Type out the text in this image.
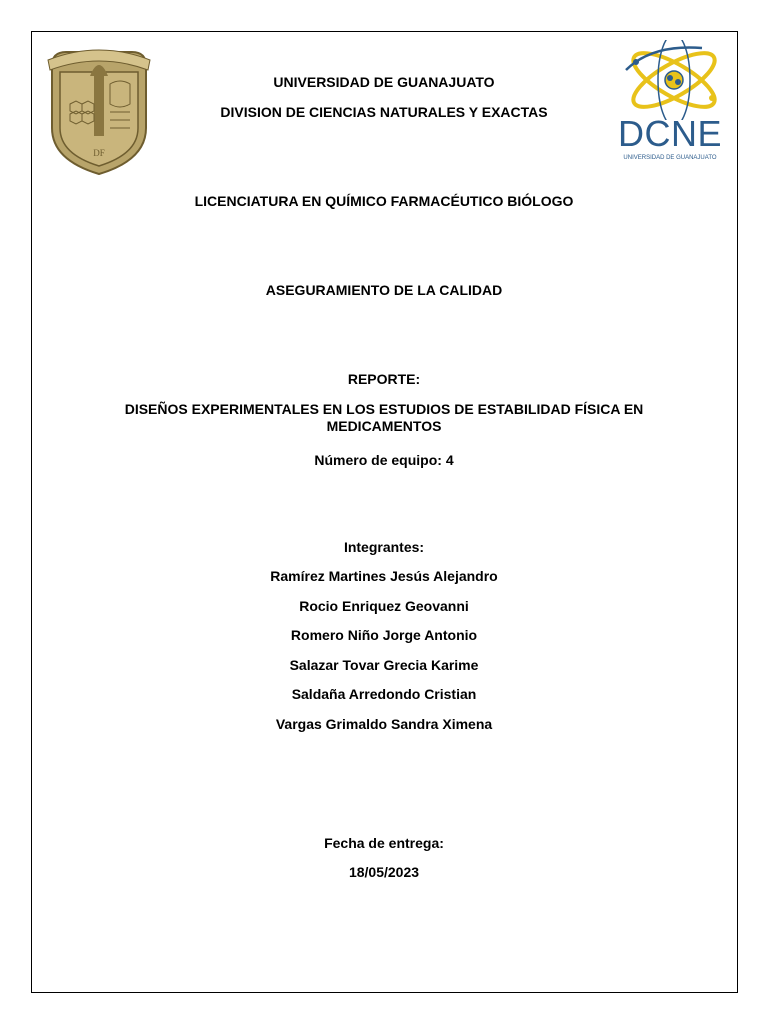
DF	DCNE
UNIVERSIDAD DE GUANAJUATO
UNIVERSIDAD DE GUANAJUATO
DIVISION DE CIENCIAS NATURALES Y EXACTAS
LICENCIATURA EN QUÍMICO FARMACÉUTICO BIÓLOGO
ASEGURAMIENTO DE LA CALIDAD
REPORTE:
DISEÑOS EXPERIMENTALES EN LOS ESTUDIOS DE ESTABILIDAD FÍSICA EN
MEDICAMENTOS
Número de equipo: 4
Integrantes:
Ramírez Martines Jesús Alejandro
Rocio Enriquez Geovanni
Romero Niño Jorge Antonio
Salazar Tovar Grecia Karime
Saldaña Arredondo Cristian
Vargas Grimaldo Sandra Ximena
Fecha de entrega:
18/05/2023
